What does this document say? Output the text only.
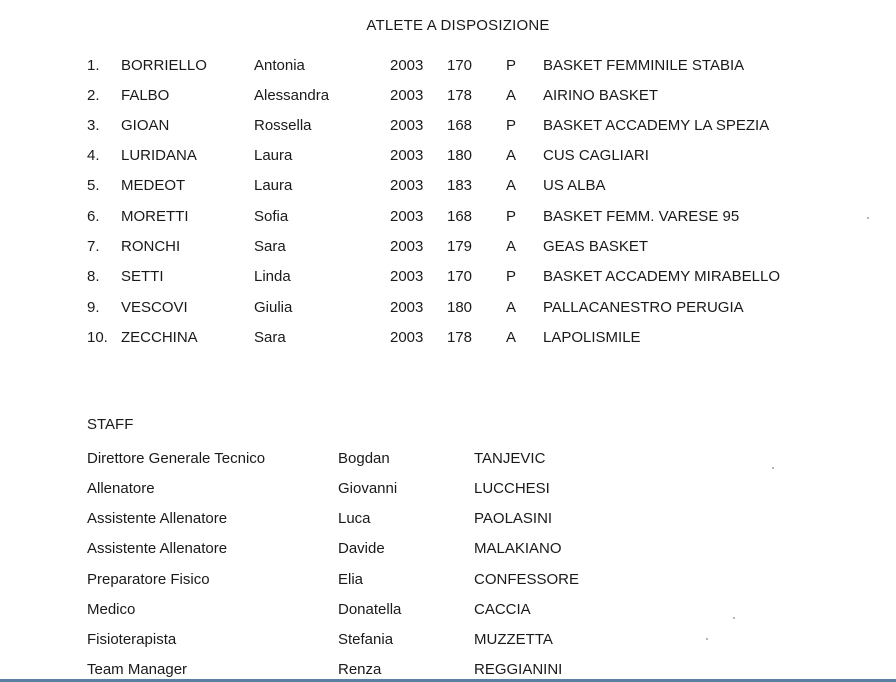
ATLETE A DISPOSIZIONE
1. BORRIELLO	Antonia	2003 170 P BASKET FEMMINILE STABIA
2. FALBO	Alessandra	2003 178 A AIRINO BASKET
3. GIOAN	Rossella	2003 168 P BASKET ACCADEMY LA SPEZIA
4. LURIDANA	Laura	2003 180 A CUS CAGLIARI
5. MEDEOT	Laura	2003 183 A US ALBA
6. MORETTI	Sofia	2003 168 P BASKET FEMM. VARESE 95
7. RONCHI	Sara	2003 179 A GEAS BASKET
8. SETTI	Linda	2003 170 P BASKET ACCADEMY MIRABELLO
9. VESCOVI	Giulia	2003 180 A PALLACANESTRO PERUGIA
10. ZECCHINA	Sara	2003 178 A LAPOLISMILE
STAFF
Direttore Generale Tecnico	Bogdan	TANJEVIC
Allenatore	Giovanni	LUCCHESI
Assistente Allenatore	Luca	PAOLASINI
Assistente Allenatore	Davide	MALAKIANO
Preparatore Fisico	Elia	CONFESSORE
Medico	Donatella	CACCIA
Fisioterapista	Stefania	MUZZETTA
Team Manager	Renza	REGGIANINI
